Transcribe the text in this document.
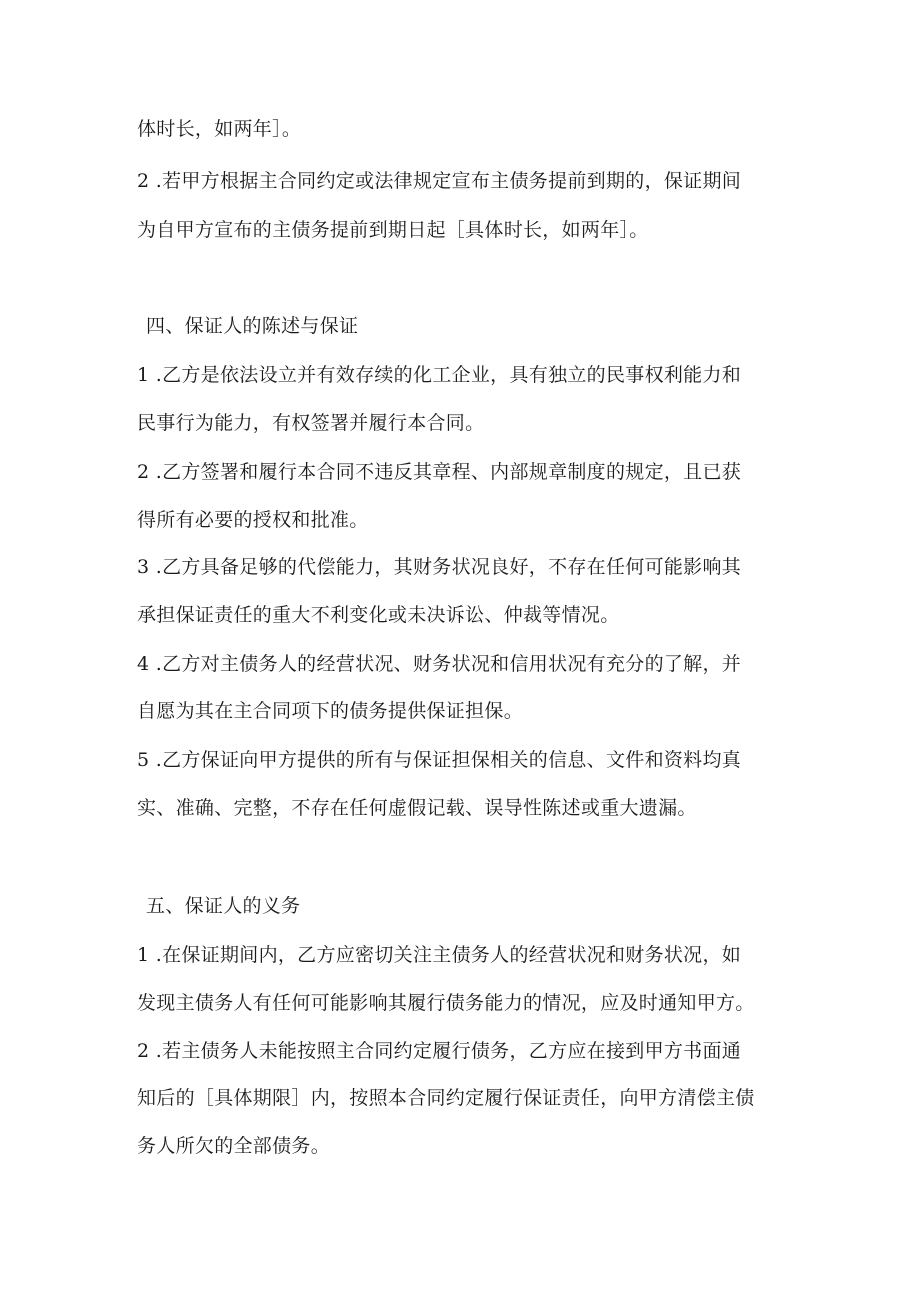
体时长，如两年］。
2 .若甲方根据主合同约定或法律规定宣布主债务提前到期的，保证期间
为自甲方宣布的主债务提前到期日起［具体时长，如两年］。
四、保证人的陈述与保证
1 .乙方是依法设立并有效存续的化工企业，具有独立的民事权利能力和
民事行为能力，有权签署并履行本合同。
2 .乙方签署和履行本合同不违反其章程、内部规章制度的规定，且已获
得所有必要的授权和批准。
3 .乙方具备足够的代偿能力，其财务状况良好，不存在任何可能影响其
承担保证责任的重大不利变化或未决诉讼、仲裁等情况。
4 .乙方对主债务人的经营状况、财务状况和信用状况有充分的了解，并
自愿为其在主合同项下的债务提供保证担保。
5 .乙方保证向甲方提供的所有与保证担保相关的信息、文件和资料均真
实、准确、完整，不存在任何虚假记载、误导性陈述或重大遗漏。
五、保证人的义务
1 .在保证期间内，乙方应密切关注主债务人的经营状况和财务状况，如
发现主债务人有任何可能影响其履行债务能力的情况，应及时通知甲方。
2 .若主债务人未能按照主合同约定履行债务，乙方应在接到甲方书面通
知后的［具体期限］内，按照本合同约定履行保证责任，向甲方清偿主债
务人所欠的全部债务。
